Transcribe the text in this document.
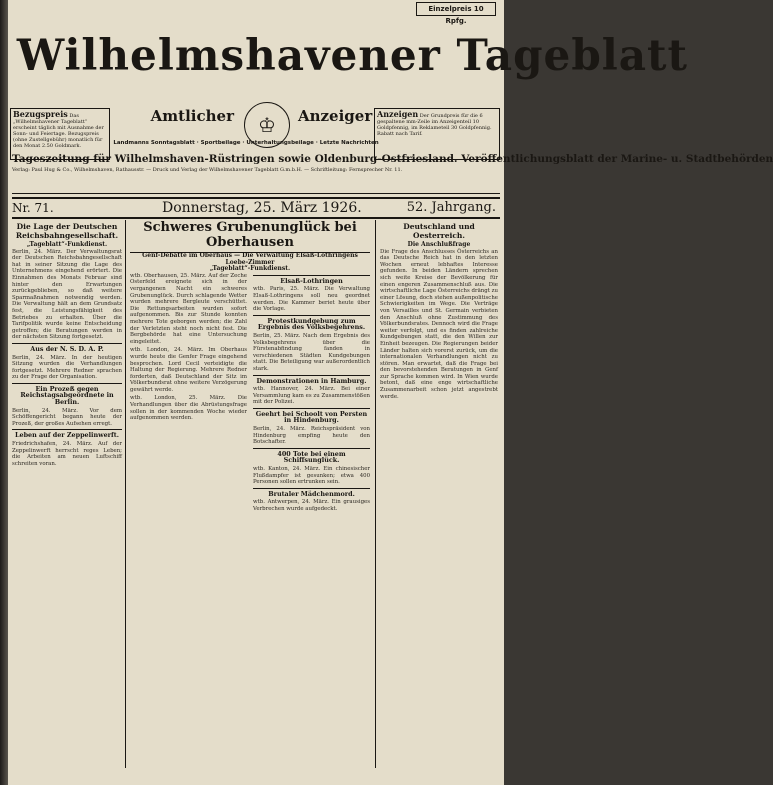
Einzelpreis 10 Rpfg.
Wilhelmshavener Tageblatt
Bezugspreis Das „Wilhelmshavener Tageblatt“ erscheint täglich mit Ausnahme der Sonn- und Feiertage. Bezugspreis (ohne Zustellgebühr) monatlich für den Monat 2.50 Goldmark.
Amtlicher	♔	Anzeiger Anzeigen Der Grundpreis für die 6 gespaltene mm-Zeile im Anzeigenteil 10 Goldpfennig, im Reklameteil 30 Goldpfennig. Rabatt nach Tarif.
Landmanns Sonntagsblatt · Sportbeilage · Unterhaltungsbeilage · Letzte Nachrichten
Tageszeitung für Wilhelmshaven-Rüstringen sowie Oldenburg-Ostfriesland. Veröffentlichungsblatt der Marine- u. Stadtbehörden
Verlag: Paul Hug & Co., Wilhelmshaven, Rathausstr. — Druck und Verlag der Wilhelmshavener Tageblatt G.m.b.H. — Schriftleitung: Fernsprecher Nr. 11.
Nr. 71.	Donnerstag, 25. März 1926.	52. Jahrgang.
Die Lage der Deutschen Reichsbahngesellschaft.
„Tageblatt“-Funkdienst.

Berlin, 24. März. Der Verwaltungsrat der Deutschen Reichsbahngesellschaft hat in seiner Sitzung die Lage des Unternehmens eingehend erörtert. Die Einnahmen des Monats Februar sind hinter den Erwartungen zurückgeblieben, so daß weitere Sparmaßnahmen notwendig werden. Die Verwaltung hält an dem Grundsatz fest, die Leistungsfähigkeit des Betriebes zu erhalten. Über die Tarifpolitik wurde keine Entscheidung getroffen; die Beratungen werden in der nächsten Sitzung fortgesetzt.

Aus der N. S. D. A. P.

Berlin, 24. März. In der heutigen Sitzung wurden die Verhandlungen fortgesetzt. Mehrere Redner sprachen zu der Frage der Organisation.

Ein Prozeß gegen Reichstagsabgeordnete in Berlin.

Berlin, 24. März. Vor dem Schöffengericht begann heute der Prozeß, der großes Aufsehen erregt.

Leben auf der Zeppelinwerft.

Friedrichshafen, 24. März. Auf der Zeppelinwerft herrscht reges Leben; die Arbeiten am neuen Luftschiff schreiten voran.

Schweres Grubenunglück bei Oberhausen
Genf-Debatte im Oberhaus — Die Verwaltung Elsaß-Lothringens Loebe-Zimmer
„Tageblatt“-Funkdienst.

wtb. Oberhausen, 25. März. Auf der Zeche Osterfeld ereignete sich in der vergangenen Nacht ein schweres Grubenunglück. Durch schlagende Wetter wurden mehrere Bergleute verschüttet. Die Rettungsarbeiten wurden sofort aufgenommen. Bis zur Stunde konnten mehrere Tote geborgen werden; die Zahl der Verletzten steht noch nicht fest. Die Bergbehörde hat eine Untersuchung eingeleitet.

wtb. London, 24. März. Im Oberhaus wurde heute die Genfer Frage eingehend besprochen. Lord Cecil verteidigte die Haltung der Regierung. Mehrere Redner forderten, daß Deutschland der Sitz im Völkerbundsrat ohne weitere Verzögerung gewährt werde.

wtb. London, 25. März. Die Verhandlungen über die Abrüstungsfrage sollen in der kommenden Woche wieder aufgenommen werden.

Elsaß-Lothringen

wtb. Paris, 25. März. Die Verwaltung Elsaß-Lothringens soll neu geordnet werden. Die Kammer beriet heute über die Vorlage.

Protestkundgebung zum Ergebnis des Volksbegehrens.

Berlin, 25. März. Nach dem Ergebnis des Volksbegehrens über die Fürstenabfindung fanden in verschiedenen Städten Kundgebungen statt. Die Beteiligung war außerordentlich stark.

Demonstrationen in Hamburg.

wtb. Hannover, 24. März. Bei einer Versammlung kam es zu Zusammenstößen mit der Polizei.

Geehrt bei Schoolt von Persten in Hindenburg.

Berlin, 24. März. Reichspräsident von Hindenburg empfing heute den Botschafter.

400 Tote bei einem Schiffsunglück.

wtb. Kanton, 24. März. Ein chinesischer Flußdampfer ist gesunken; etwa 400 Personen sollen ertrunken sein.

Brutaler Mädchenmord.

wtb. Antwerpen, 24. März. Ein grausiges Verbrechen wurde aufgedeckt.

Deutschland und Oesterreich.
Die Anschlußfrage

Die Frage des Anschlusses Österreichs an das Deutsche Reich hat in den letzten Wochen erneut lebhaftes Interesse gefunden. In beiden Ländern sprechen sich weite Kreise der Bevölkerung für einen engeren Zusammenschluß aus. Die wirtschaftliche Lage Österreichs drängt zu einer Lösung, doch stehen außenpolitische Schwierigkeiten im Wege. Die Verträge von Versailles und St. Germain verbieten den Anschluß ohne Zustimmung des Völkerbundsrates. Dennoch wird die Frage weiter verfolgt, und es finden zahlreiche Kundgebungen statt, die den Willen zur Einheit bezeugen. Die Regierungen beider Länder halten sich vorerst zurück, um die internationalen Verhandlungen nicht zu stören. Man erwartet, daß die Frage bei den bevorstehenden Beratungen in Genf zur Sprache kommen wird. In Wien wurde betont, daß eine enge wirtschaftliche Zusammenarbeit schon jetzt angestrebt werde.
